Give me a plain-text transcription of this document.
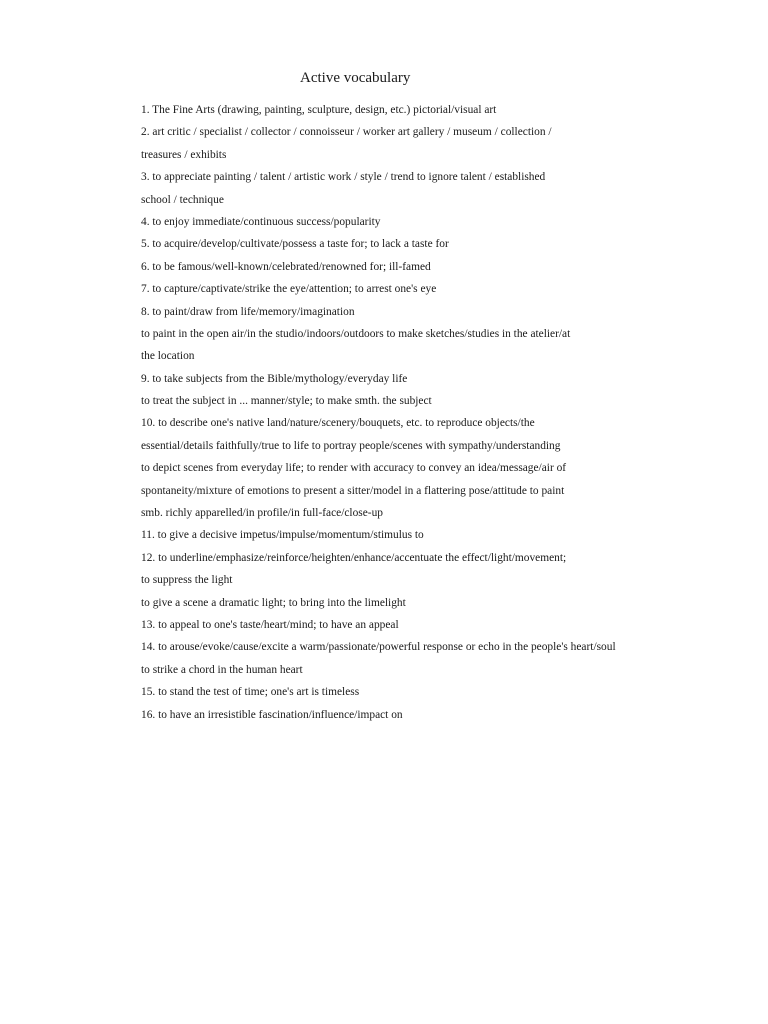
Active vocabulary
1. The Fine Arts (drawing, painting, sculpture, design, etc.) pictorial/visual art
2. art critic / specialist / collector / connoisseur / worker art gallery / museum / collection /
treasures / exhibits
3. to appreciate painting / talent / artistic work / style / trend to ignore talent / established
school / technique
4. to enjoy immediate/continuous success/popularity
5. to acquire/develop/cultivate/possess a taste for; to lack a taste for
6. to be famous/well-known/celebrated/renowned for; ill-famed
7. to capture/captivate/strike the eye/attention; to arrest one's eye
8. to paint/draw from life/memory/imagination
to paint in the open air/in the studio/indoors/outdoors to make sketches/studies in the atelier/at
the location
9. to take subjects from the Bible/mythology/everyday life
to treat the subject in ... manner/style; to make smth. the subject
10. to describe one's native land/nature/scenery/bouquets, etc. to reproduce objects/the
essential/details faithfully/true to life to portray people/scenes with sympathy/understanding
to depict scenes from everyday life; to render with accuracy to convey an idea/message/air of
spontaneity/mixture of emotions to present a sitter/model in a flattering pose/attitude to paint
smb. richly apparelled/in profile/in full-face/close-up
11. to give a decisive impetus/impulse/momentum/stimulus to
12. to underline/emphasize/reinforce/heighten/enhance/accentuate the effect/light/movement;
to suppress the light
to give a scene a dramatic light; to bring into the limelight
13. to appeal to one's taste/heart/mind; to have an appeal
14. to arouse/evoke/cause/excite a warm/passionate/powerful response or echo in the people's heart/soul
to strike a chord in the human heart
15. to stand the test of time; one's art is timeless
16. to have an irresistible fascination/influence/impact on
